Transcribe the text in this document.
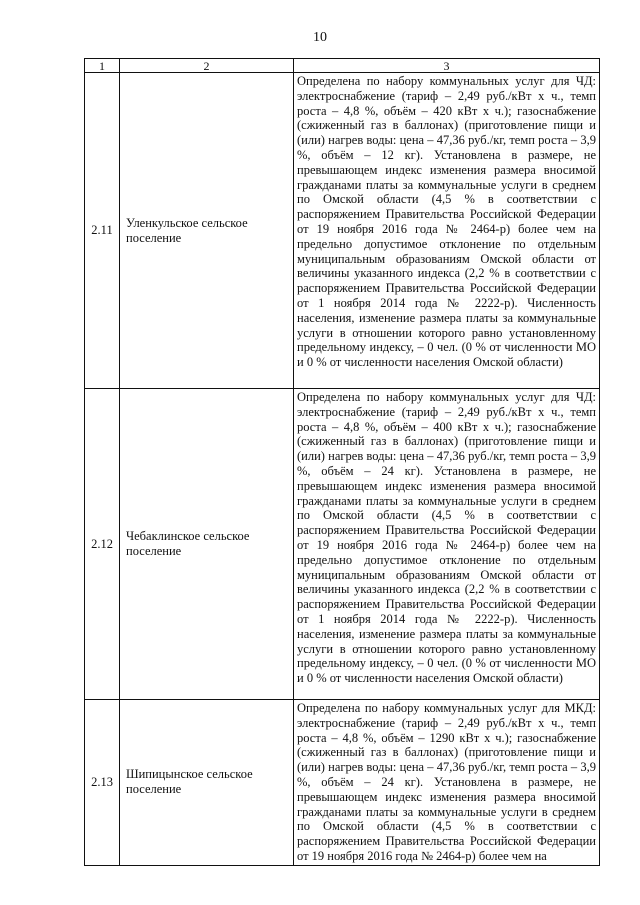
10
1	2	3
2.11	Уленкульское сельское поселение	Определена по набору коммунальных услуг для ЧД: электроснабжение (тариф – 2,49 руб./кВт х ч., темп роста – 4,8 %, объём – 420 кВт х ч.); газоснабжение (сжиженный газ в баллонах) (приготовление пищи и (или) нагрев воды: цена – 47,36 руб./кг, темп роста – 3,9 %, объём – 12 кг). Установлена в размере, не превышающем индекс изменения размера вносимой гражданами платы за коммунальные услуги в среднем по Омской области (4,5 % в соответствии с распоряжением Правительства Российской Федерации от 19 ноября 2016 года № 2464-р) более чем на предельно допустимое отклонение по отдельным муниципальным образованиям Омской области от величины указанного индекса (2,2 % в соответствии с распоряжением Правительства Российской Федерации от 1 ноября 2014 года № 2222-р). Численность населения, изменение размера платы за коммунальные услуги в отношении которого равно установленному предельному индексу, – 0 чел. (0 % от численности МО и 0 % от численности населения Омской области)
2.12	Чебаклинское сельское поселение	Определена по набору коммунальных услуг для ЧД: электроснабжение (тариф – 2,49 руб./кВт х ч., темп роста – 4,8 %, объём – 400 кВт х ч.); газоснабжение (сжиженный газ в баллонах) (приготовление пищи и (или) нагрев воды: цена – 47,36 руб./кг, темп роста – 3,9 %, объём – 24 кг). Установлена в размере, не превышающем индекс изменения размера вносимой гражданами платы за коммунальные услуги в среднем по Омской области (4,5 % в соответствии с распоряжением Правительства Российской Федерации от 19 ноября 2016 года № 2464-р) более чем на предельно допустимое отклонение по отдельным муниципальным образованиям Омской области от величины указанного индекса (2,2 % в соответствии с распоряжением Правительства Российской Федерации от 1 ноября 2014 года № 2222-р). Численность населения, изменение размера платы за коммунальные услуги в отношении которого равно установленному предельному индексу, – 0 чел. (0 % от численности МО и 0 % от численности населения Омской области)
2.13	Шипицынское сельское поселение	Определена по набору коммунальных услуг для МКД: электроснабжение (тариф – 2,49 руб./кВт х ч., темп роста – 4,8 %, объём – 1290 кВт х ч.); газоснабжение (сжиженный газ в баллонах) (приготовление пищи и (или) нагрев воды: цена – 47,36 руб./кг, темп роста – 3,9 %, объём – 24 кг). Установлена в размере, не превышающем индекс изменения размера вносимой гражданами платы за коммунальные услуги в среднем по Омской области (4,5 % в соответствии с распоряжением Правительства Российской Федерации от 19 ноября 2016 года № 2464-р) более чем на
